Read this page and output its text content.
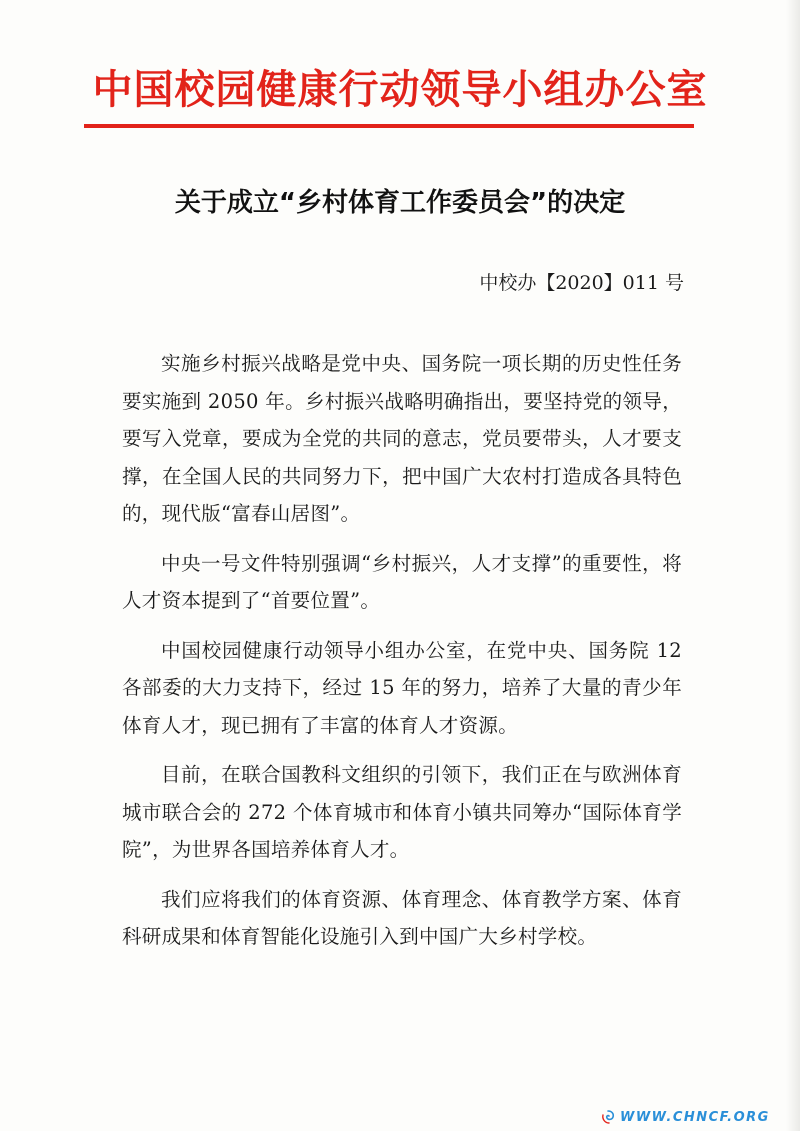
中国校园健康行动领导小组办公室
关于成立“乡村体育工作委员会”的决定
中校办【2020】011 号

实施乡村振兴战略是党中央、国务院一项长期的历史性任务要实施到 2050 年。乡村振兴战略明确指出，要坚持党的领导，要写入党章，要成为全党的共同的意志，党员要带头，人才要支撑，在全国人民的共同努力下，把中国广大农村打造成各具特色的，现代版“富春山居图”。

中央一号文件特别强调“乡村振兴，人才支撑”的重要性，将人才资本提到了“首要位置”。

中国校园健康行动领导小组办公室，在党中央、国务院 12 各部委的大力支持下，经过 15 年的努力，培养了大量的青少年体育人才，现已拥有了丰富的体育人才资源。

目前，在联合国教科文组织的引领下，我们正在与欧洲体育城市联合会的 272 个体育城市和体育小镇共同筹办“国际体育学院”，为世界各国培养体育人才。

我们应将我们的体育资源、体育理念、体育教学方案、体育科研成果和体育智能化设施引入到中国广大乡村学校。

WWW.CHNCF.ORG
